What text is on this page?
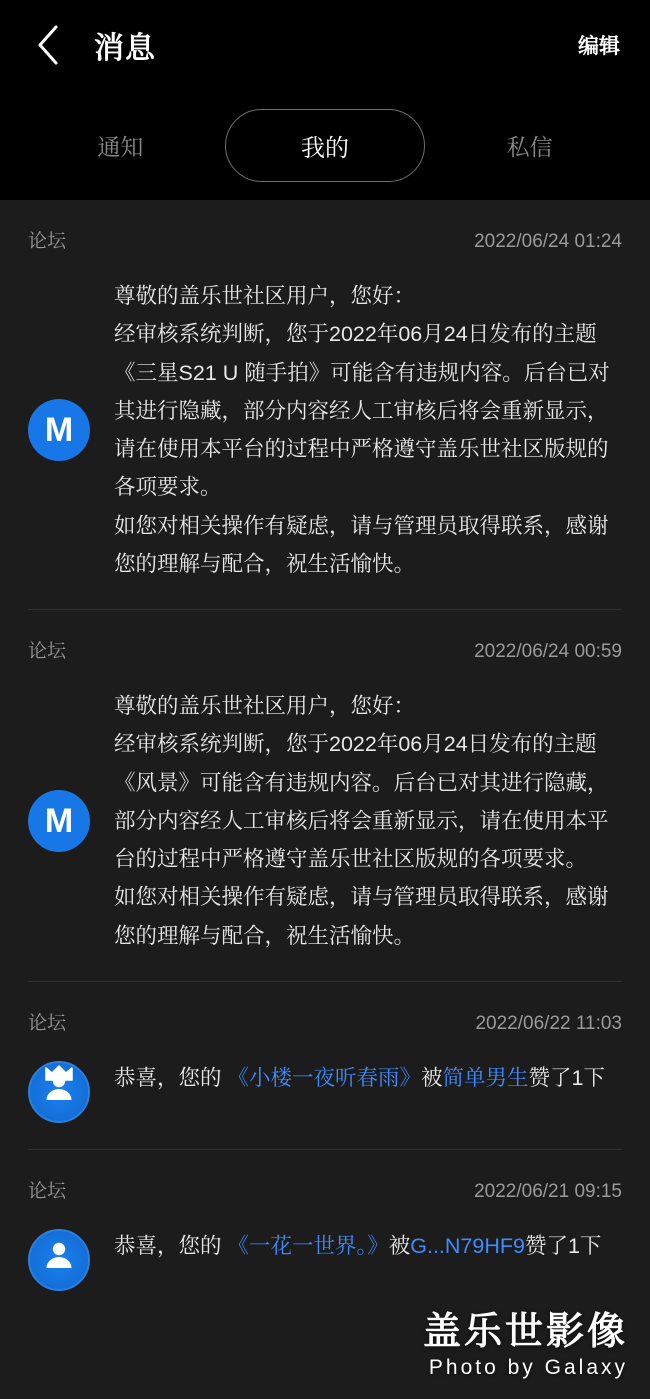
消息	编辑
通知	我的	私信
论坛	2022/06/24 01:24
M

尊敬的盖乐世社区用户，您好：

经审核系统判断，您于2022年06月24日发布的主题《三星S21 U 随手拍》可能含有违规内容。后台已对其进行隐藏，部分内容经人工审核后将会重新显示，请在使用本平台的过程中严格遵守盖乐世社区版规的各项要求。

如您对相关操作有疑虑，请与管理员取得联系，感谢您的理解与配合，祝生活愉快。

论坛	2022/06/24 00:59
M

尊敬的盖乐世社区用户，您好：

经审核系统判断，您于2022年06月24日发布的主题《风景》可能含有违规内容。后台已对其进行隐藏，部分内容经人工审核后将会重新显示，请在使用本平台的过程中严格遵守盖乐世社区版规的各项要求。

如您对相关操作有疑虑，请与管理员取得联系，感谢您的理解与配合，祝生活愉快。

论坛	2022/06/22 11:03

恭喜，您的 《小楼一夜听春雨》被简单男生赞了1下

论坛	2022/06/21 09:15

恭喜，您的 《一花一世界。》被G...N79HF9赞了1下

盖乐世影像
Photo by Galaxy
